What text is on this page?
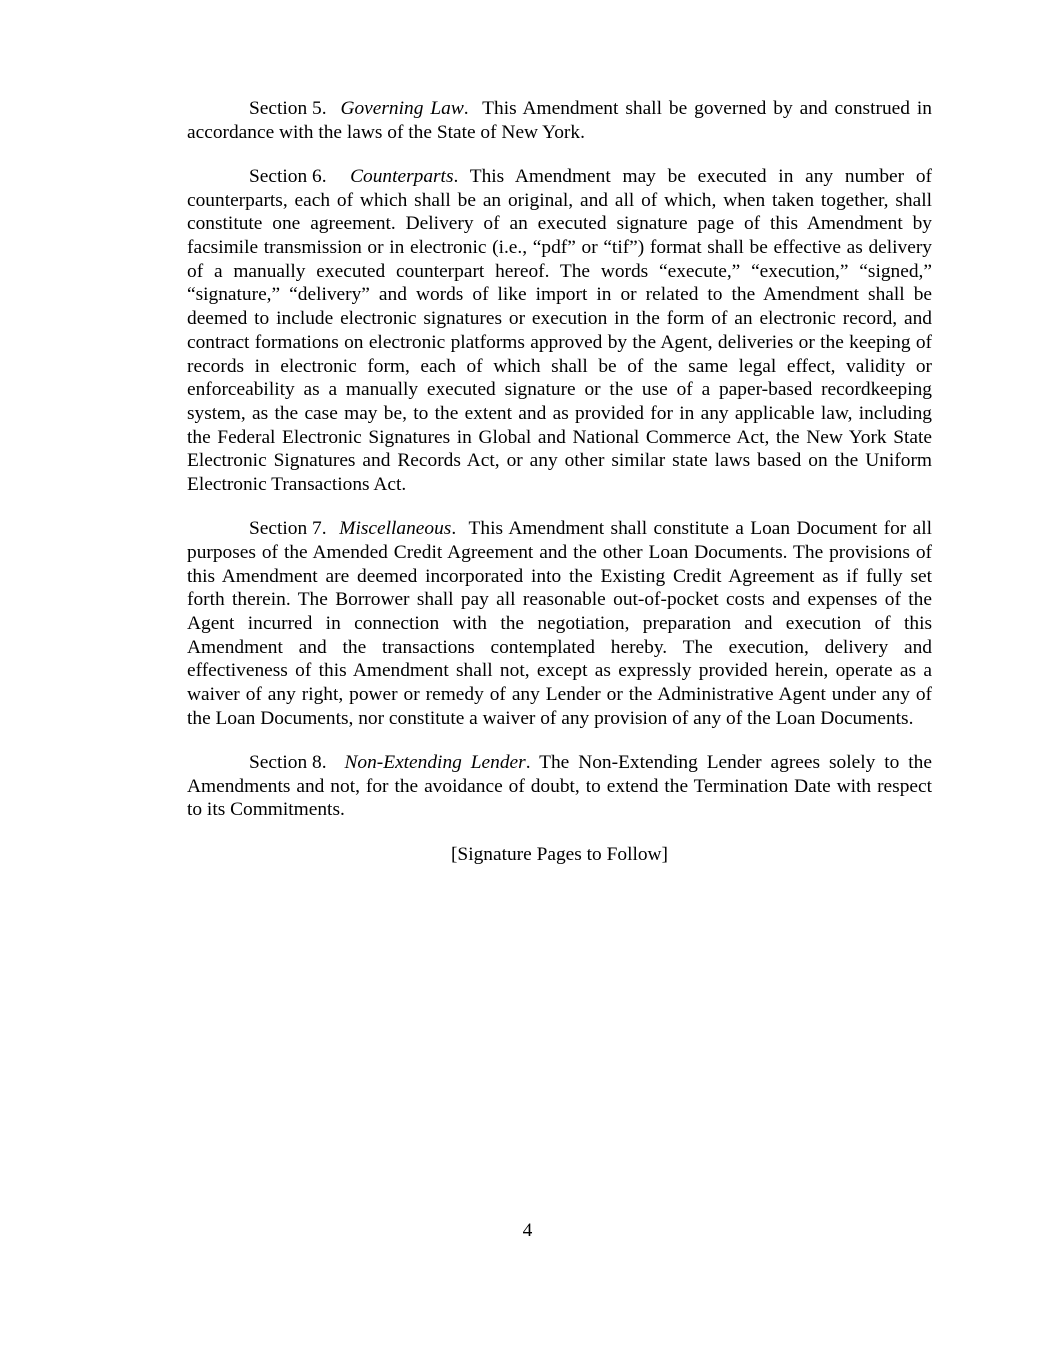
Section 5. Governing Law.  This Amendment shall be governed by and construed in accordance with the laws of the State of New York.

Section 6. Counterparts. This Amendment may be executed in any number of counterparts, each of which shall be an original, and all of which, when taken together, shall constitute one agreement. Delivery of an executed signature page of this Amendment by facsimile transmission or in electronic (i.e., “pdf” or “tif”) format shall be effective as delivery of a manually executed counterpart hereof. The words “execute,” “execution,” “signed,” “signature,” “delivery” and words of like import in or related to the Amendment shall be deemed to include electronic signatures or execution in the form of an electronic record, and contract formations on electronic platforms approved by the Agent, deliveries or the keeping of records in electronic form, each of which shall be of the same legal effect, validity or enforceability as a manually executed signature or the use of a paper-based recordkeeping system, as the case may be, to the extent and as provided for in any applicable law, including the Federal Electronic Signatures in Global and National Commerce Act, the New York State Electronic Signatures and Records Act, or any other similar state laws based on the Uniform Electronic Transactions Act.

Section 7. Miscellaneous.  This Amendment shall constitute a Loan Document for all purposes of the Amended Credit Agreement and the other Loan Documents. The provisions of this Amendment are deemed incorporated into the Existing Credit Agreement as if fully set forth therein. The Borrower shall pay all reasonable out-of-pocket costs and expenses of the Agent incurred in connection with the negotiation, preparation and execution of this Amendment and the transactions contemplated hereby. The execution, delivery and effectiveness of this Amendment shall not, except as expressly provided herein, operate as a waiver of any right, power or remedy of any Lender or the Administrative Agent under any of the Loan Documents, nor constitute a waiver of any provision of any of the Loan Documents.

Section 8. Non-Extending Lender. The Non-Extending Lender agrees solely to the Amendments and not, for the avoidance of doubt, to extend the Termination Date with respect to its Commitments.

[Signature Pages to Follow]

4
